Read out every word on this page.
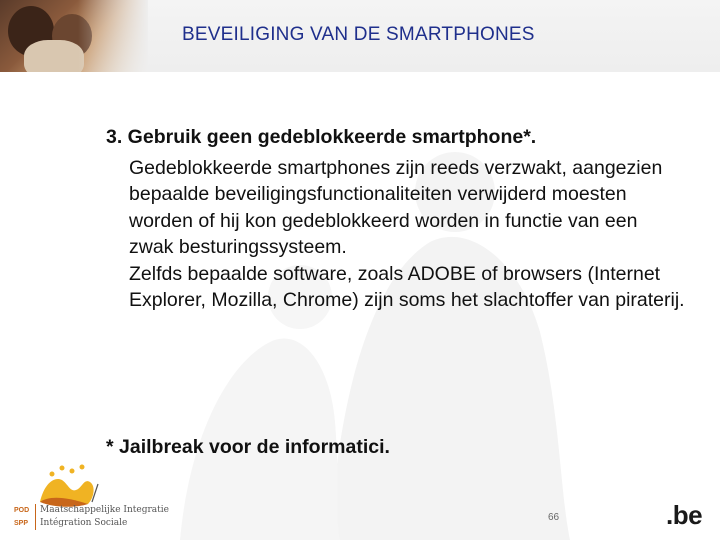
BEVEILIGING VAN DE SMARTPHONES
3. Gebruik geen gedeblokkeerde smartphone*.
Gedeblokkeerde smartphones zijn reeds verzwakt, aangezien bepaalde beveiligingsfunctionaliteiten verwijderd moesten worden of hij kon gedeblokkeerd worden in functie van een zwak besturingssysteem.
Zelfds bepaalde software, zoals ADOBE of browsers (Internet Explorer, Mozilla, Chrome) zijn soms het slachtoffer van piraterij.
* Jailbreak voor de informatici.
POD
SPP
Maatschappelijke Integratie
Intégration Sociale	66	.be
